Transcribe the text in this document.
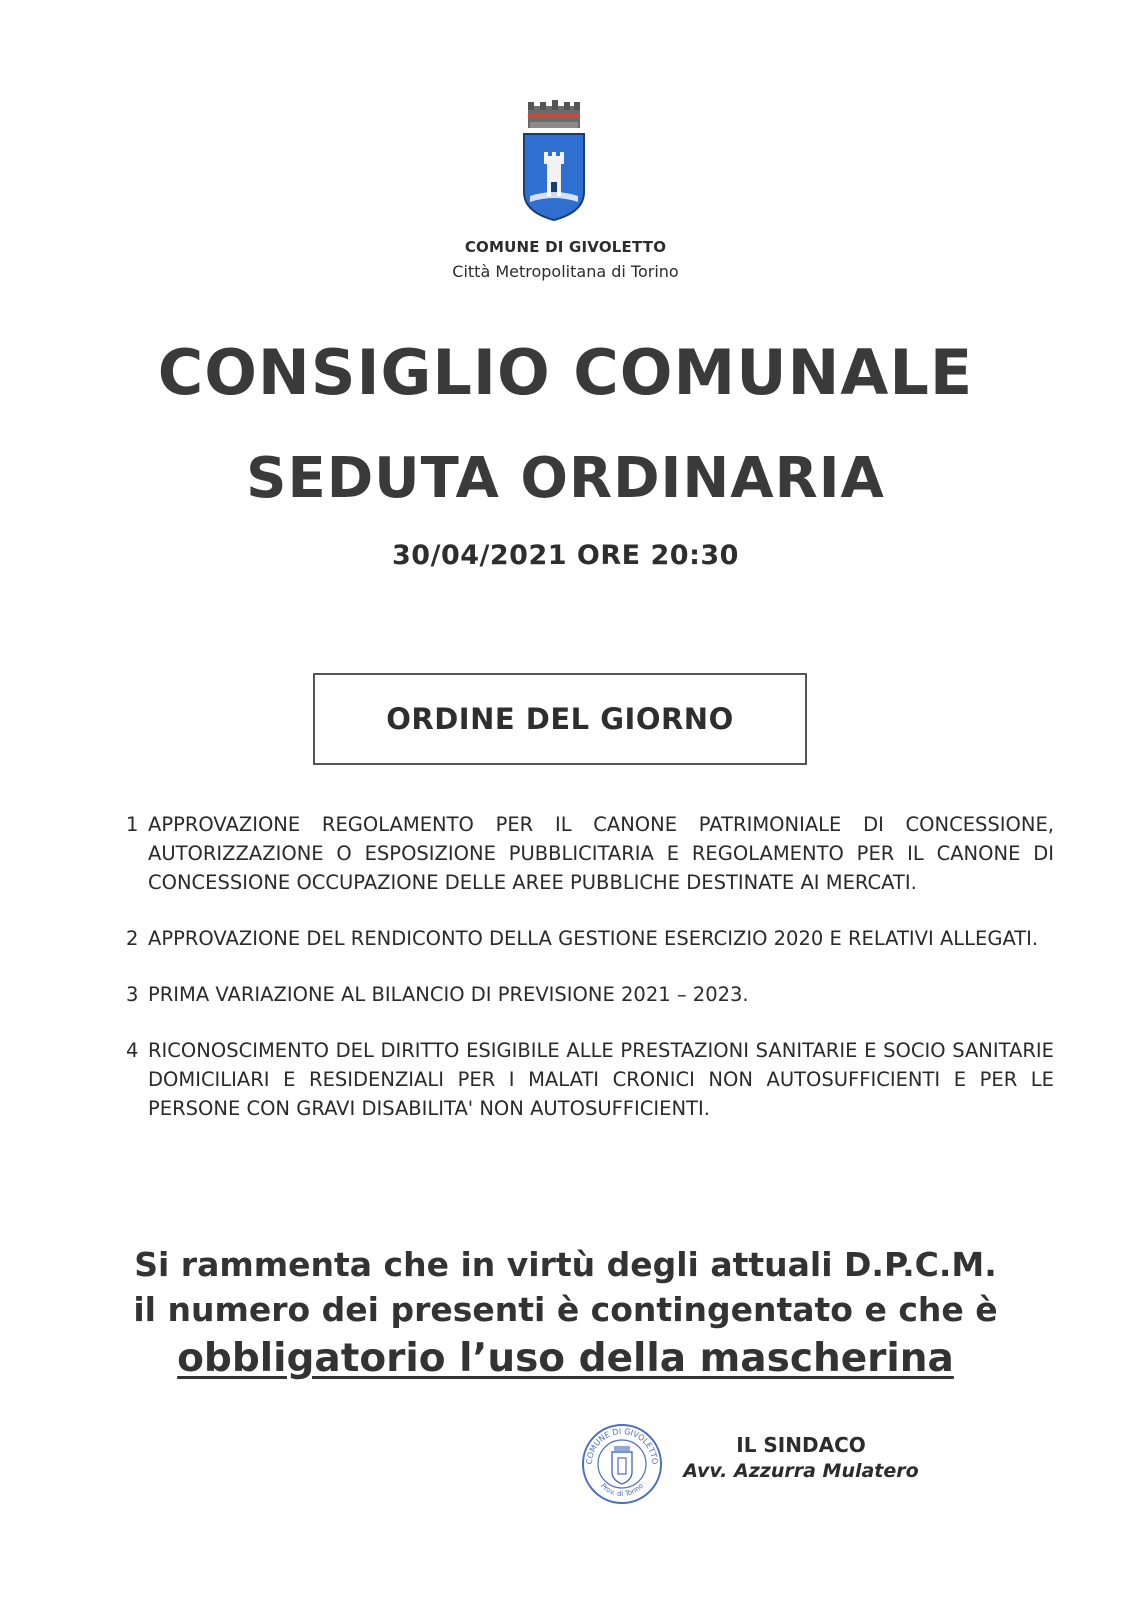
COMUNE DI GIVOLETTO
Città Metropolitana di Torino
CONSIGLIO COMUNALE
SEDUTA ORDINARIA
30/04/2021 ORE 20:30
ORDINE DEL GIORNO
1 APPROVAZIONE REGOLAMENTO PER IL CANONE PATRIMONIALE DI CONCESSIONE, AUTORIZZAZIONE O ESPOSIZIONE PUBBLICITARIA E REGOLAMENTO PER IL CANONE DI CONCESSIONE OCCUPAZIONE DELLE AREE PUBBLICHE DESTINATE AI MERCATI.
2 APPROVAZIONE DEL RENDICONTO DELLA GESTIONE ESERCIZIO 2020 E RELATIVI ALLEGATI.
3 PRIMA VARIAZIONE AL BILANCIO DI PREVISIONE 2021 – 2023.
4 RICONOSCIMENTO DEL DIRITTO ESIGIBILE ALLE PRESTAZIONI SANITARIE E SOCIO SANITARIE DOMICILIARI E RESIDENZIALI PER I MALATI CRONICI NON AUTOSUFFICIENTI E PER LE PERSONE CON GRAVI DISABILITA' NON AUTOSUFFICIENTI.
Si rammenta che in virtù degli attuali D.P.C.M.
il numero dei presenti è contingentato e che è
obbligatorio l’uso della mascherina
COMUNE DI GIVOLETTO
Prov. di Torino
IL SINDACO
Avv. Azzurra Mulatero
